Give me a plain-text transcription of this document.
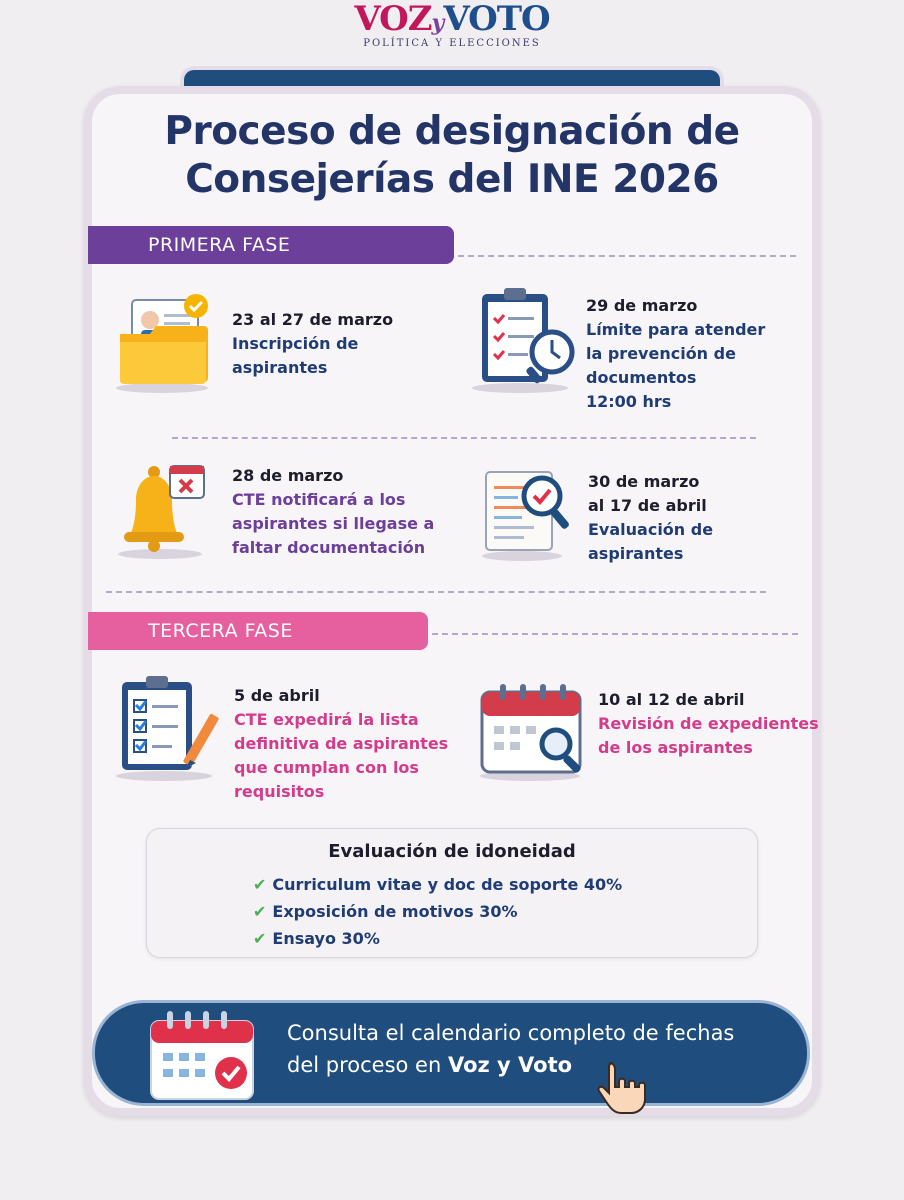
VOZyVOTO
POLÍTICA Y ELECCIONES
Proceso de designación de
Consejerías del INE 2026
PRIMERA FASE
23 al 27 de marzo
Inscripción de
aspirantes
29 de marzo
Límite para atender
la prevención de
documentos
12:00 hrs
28 de marzo
CTE notificará a los
aspirantes si llegase a
faltar documentación
30 de marzo
al 17 de abril
Evaluación de
aspirantes
TERCERA FASE
5 de abril
CTE expedirá la lista
definitiva de aspirantes
que cumplan con los
requisitos
10 al 12 de abril
Revisión de expedientes
de los aspirantes
Evaluación de idoneidad
✔ Curriculum vitae y doc de soporte 40%
✔ Exposición de motivos 30%
✔ Ensayo 30%
Consulta el calendario completo de fechas
del proceso en Voz y Voto
